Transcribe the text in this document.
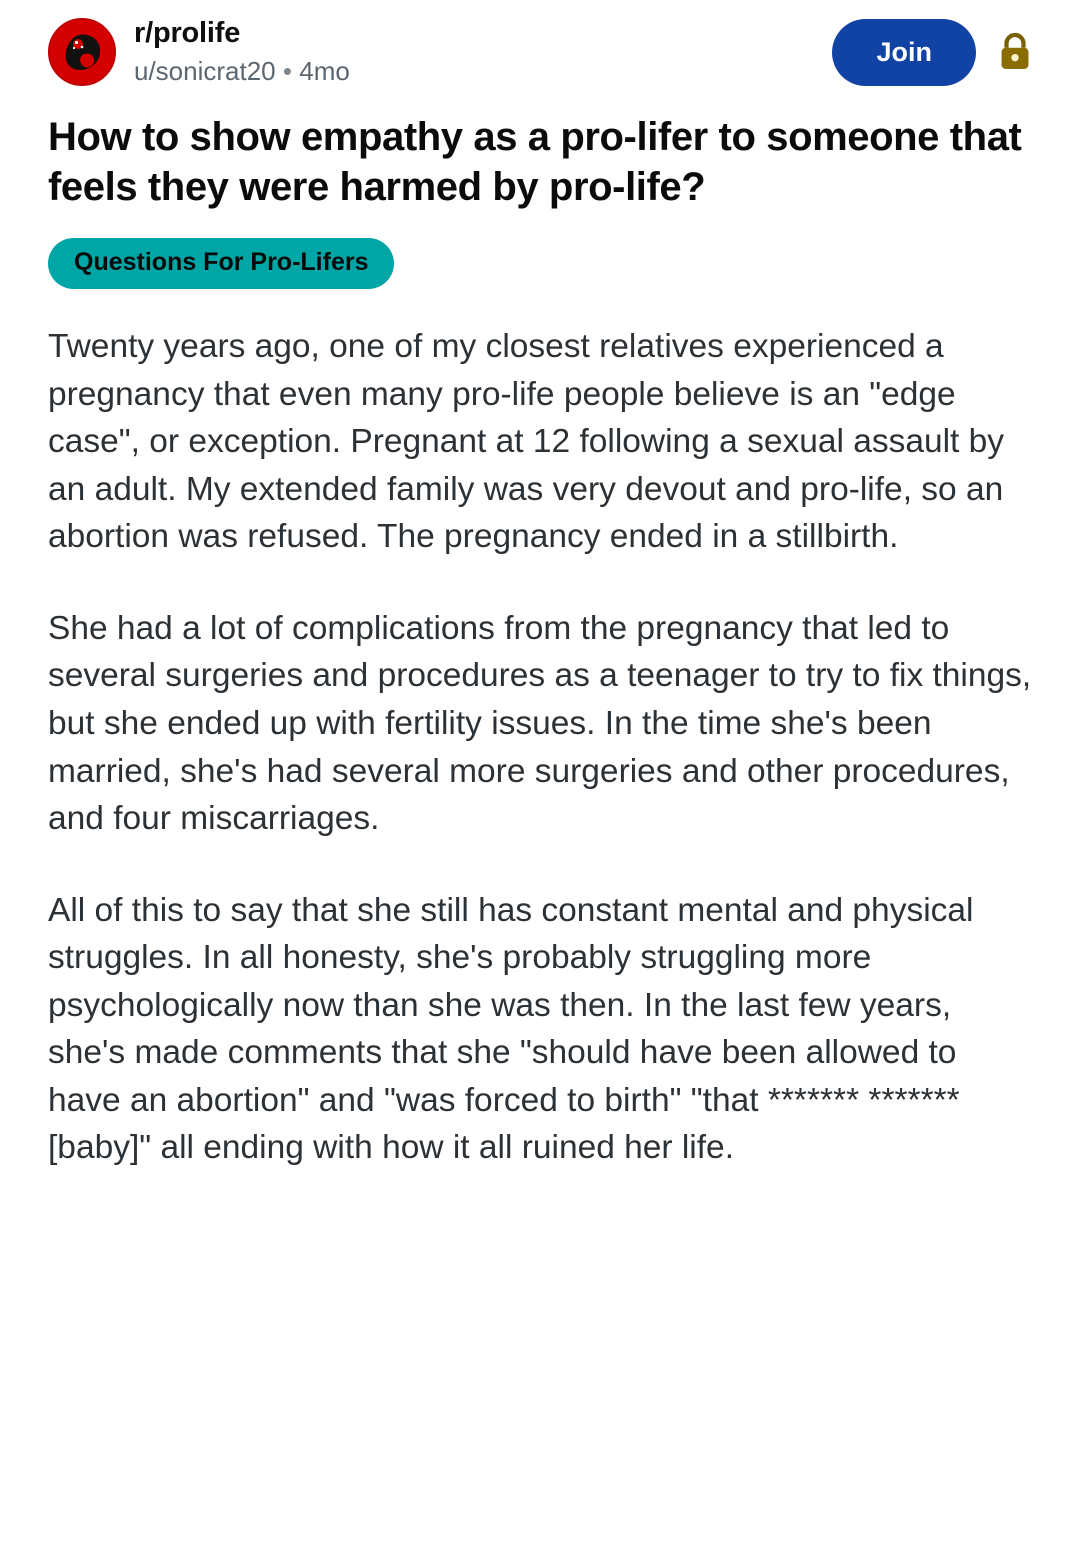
r/prolife
u/sonicrat20 • 4mo
Join
How to show empathy as a pro-lifer to someone that feels they were harmed by pro-life?
Questions For Pro-Lifers

Twenty years ago, one of my closest relatives experienced a pregnancy that even many pro-life people believe is an "edge case", or exception. Pregnant at 12 following a sexual assault by an adult. My extended family was very devout and pro-life, so an abortion was refused. The pregnancy ended in a stillbirth.

She had a lot of complications from the pregnancy that led to several surgeries and procedures as a teenager to try to fix things, but she ended up with fertility issues. In the time she's been married, she's had several more surgeries and other procedures, and four miscarriages.

All of this to say that she still has constant mental and physical struggles. In all honesty, she's probably struggling more psychologically now than she was then. In the last few years, she's made comments that she "should have been allowed to have an abortion" and "was forced to birth" "that ******* *******[baby]" all ending with how it all ruined her life.
